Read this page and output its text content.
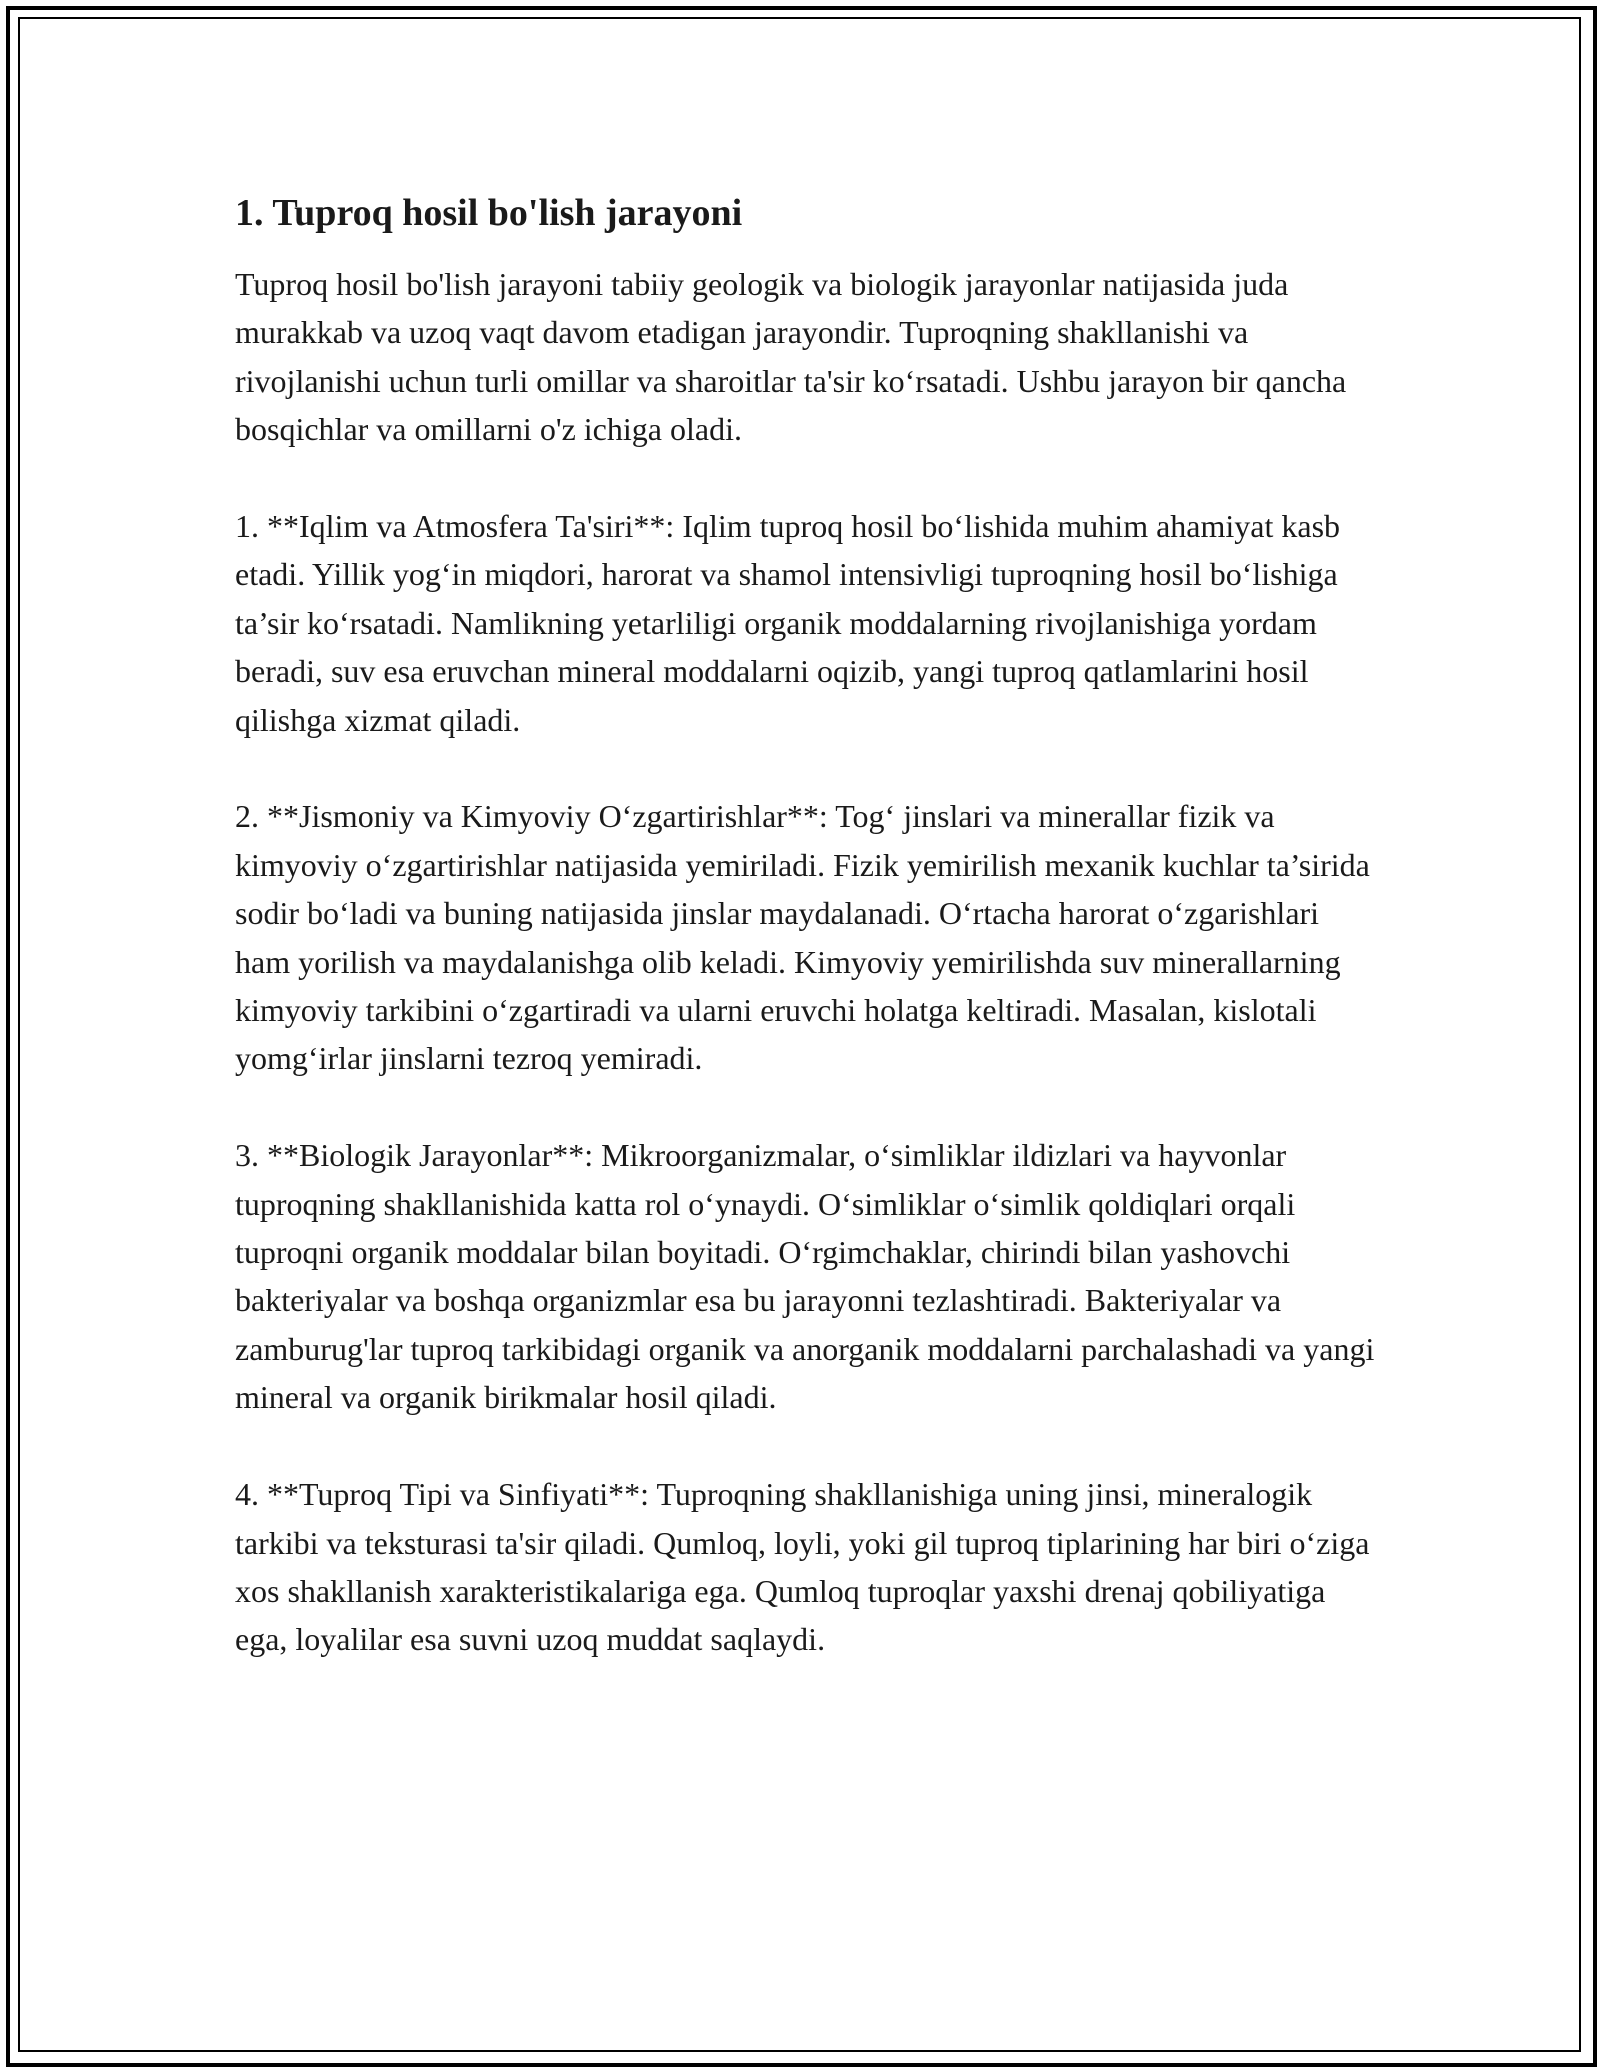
1. Tuproq hosil bo'lish jarayoni

Tuproq hosil bo'lish jarayoni tabiiy geologik va biologik jarayonlar natijasida juda murakkab va uzoq vaqt davom etadigan jarayondir. Tuproqning shakllanishi va rivojlanishi uchun turli omillar va sharoitlar ta'sir koʻrsatadi. Ushbu jarayon bir qancha bosqichlar va omillarni o'z ichiga oladi.

1. **Iqlim va Atmosfera Ta'siri**: Iqlim tuproq hosil boʻlishida muhim ahamiyat kasb etadi. Yillik yogʻin miqdori, harorat va shamol intensivligi tuproqning hosil boʻlishiga ta’sir koʻrsatadi. Namlikning yetarliligi organik moddalarning rivojlanishiga yordam beradi, suv esa eruvchan mineral moddalarni oqizib, yangi tuproq qatlamlarini hosil qilishga xizmat qiladi.

2. **Jismoniy va Kimyoviy Oʻzgartirishlar**: Togʻ jinslari va minerallar fizik va kimyoviy oʻzgartirishlar natijasida yemiriladi. Fizik yemirilish mexanik kuchlar ta’sirida sodir boʻladi va buning natijasida jinslar maydalanadi. Oʻrtacha harorat oʻzgarishlari ham yorilish va maydalanishga olib keladi. Kimyoviy yemirilishda suv minerallarning kimyoviy tarkibini oʻzgartiradi va ularni eruvchi holatga keltiradi. Masalan, kislotali yomgʻirlar jinslarni tezroq yemiradi.

3. **Biologik Jarayonlar**: Mikroorganizmalar, oʻsimliklar ildizlari va hayvonlar tuproqning shakllanishida katta rol oʻynaydi. Oʻsimliklar oʻsimlik qoldiqlari orqali tuproqni organik moddalar bilan boyitadi. Oʻrgimchaklar, chirindi bilan yashovchi bakteriyalar va boshqa organizmlar esa bu jarayonni tezlashtiradi. Bakteriyalar va zamburug'lar tuproq tarkibidagi organik va anorganik moddalarni parchalashadi va yangi mineral va organik birikmalar hosil qiladi.

4. **Tuproq Tipi va Sinfiyati**: Tuproqning shakllanishiga uning jinsi, mineralogik tarkibi va teksturasi ta'sir qiladi. Qumloq, loyli, yoki gil tuproq tiplarining har biri oʻziga xos shakllanish xarakteristikalariga ega. Qumloq tuproqlar yaxshi drenaj qobiliyatiga ega, loyalilar esa suvni uzoq muddat saqlaydi.
